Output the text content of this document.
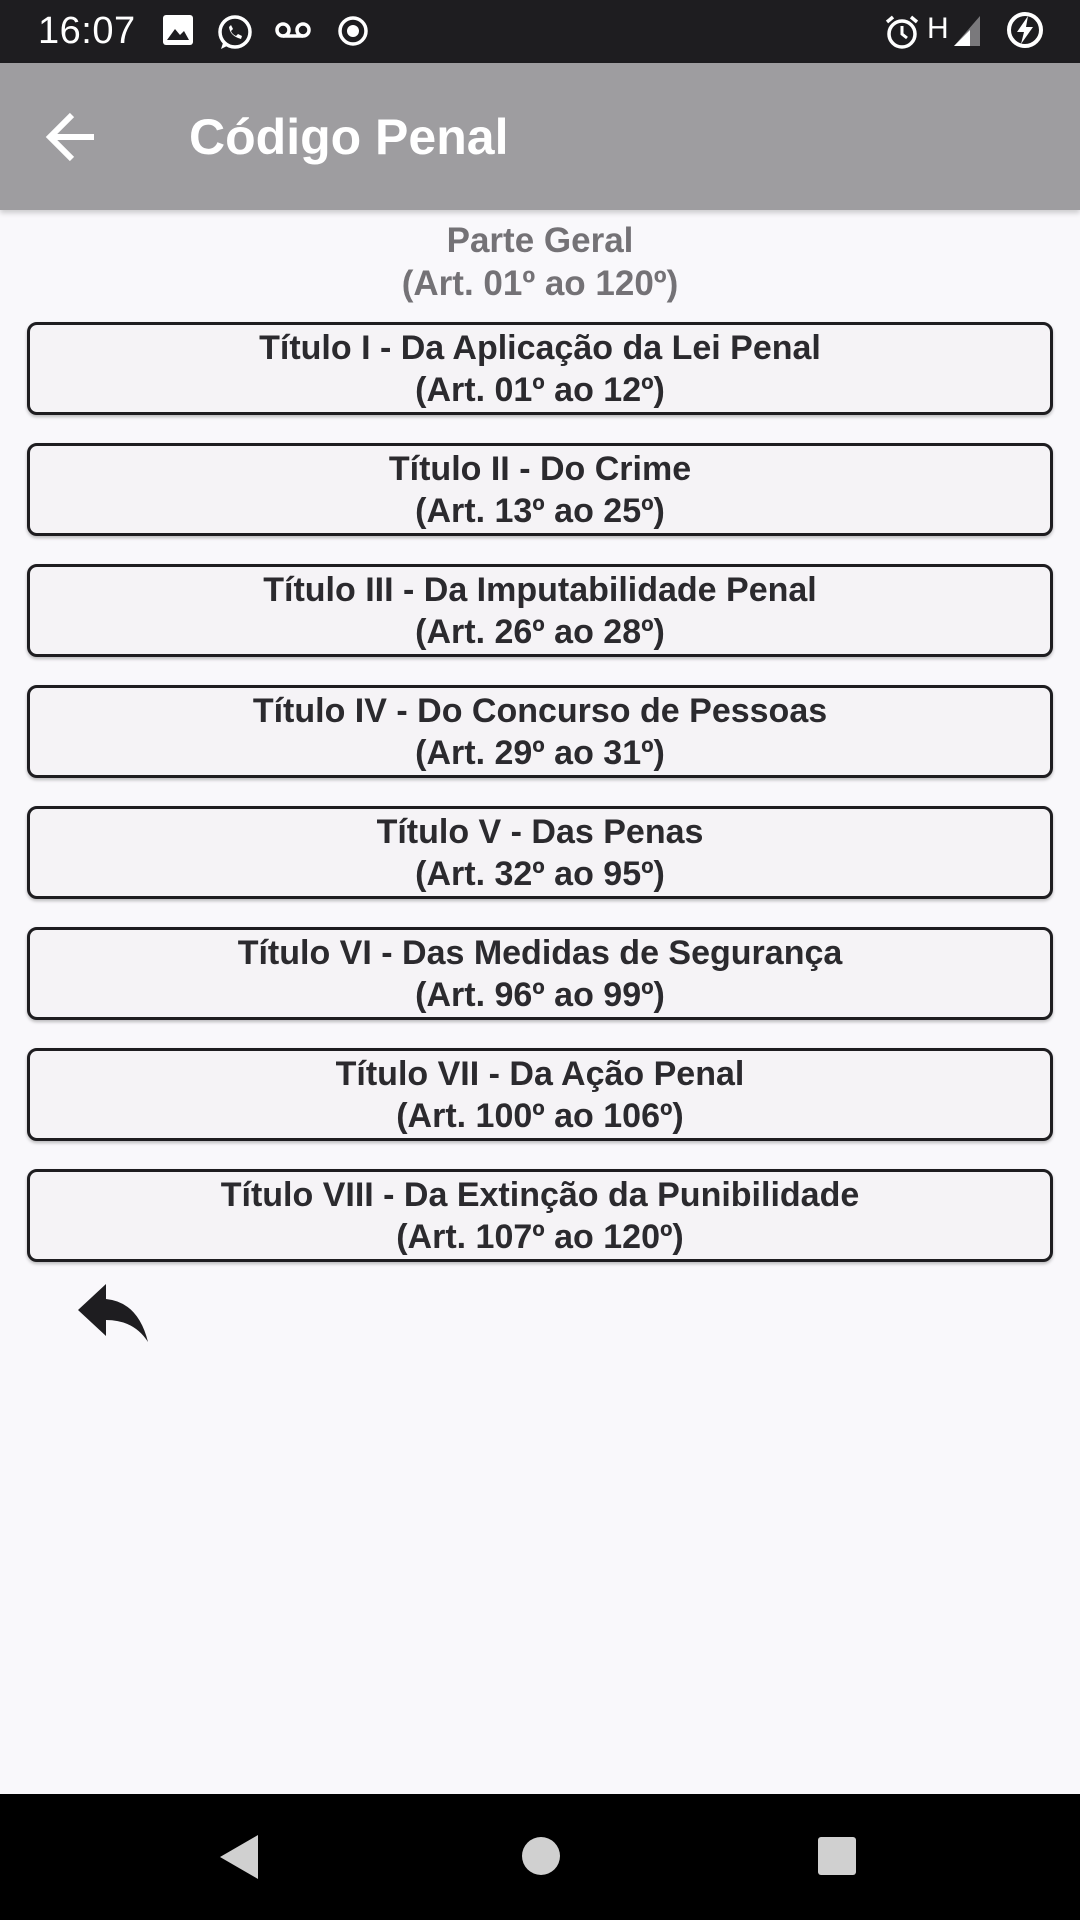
16:07	H
Código Penal
Parte Geral
(Art. 01º ao 120º)
Título I - Da Aplicação da Lei Penal
(Art. 01º ao 12º)
Título II - Do Crime
(Art. 13º ao 25º)
Título III - Da Imputabilidade Penal
(Art. 26º ao 28º)
Título IV - Do Concurso de Pessoas
(Art. 29º ao 31º)
Título V - Das Penas
(Art. 32º ao 95º)
Título VI - Das Medidas de Segurança
(Art. 96º ao 99º)
Título VII - Da Ação Penal
(Art. 100º ao 106º)
Título VIII - Da Extinção da Punibilidade
(Art. 107º ao 120º)
